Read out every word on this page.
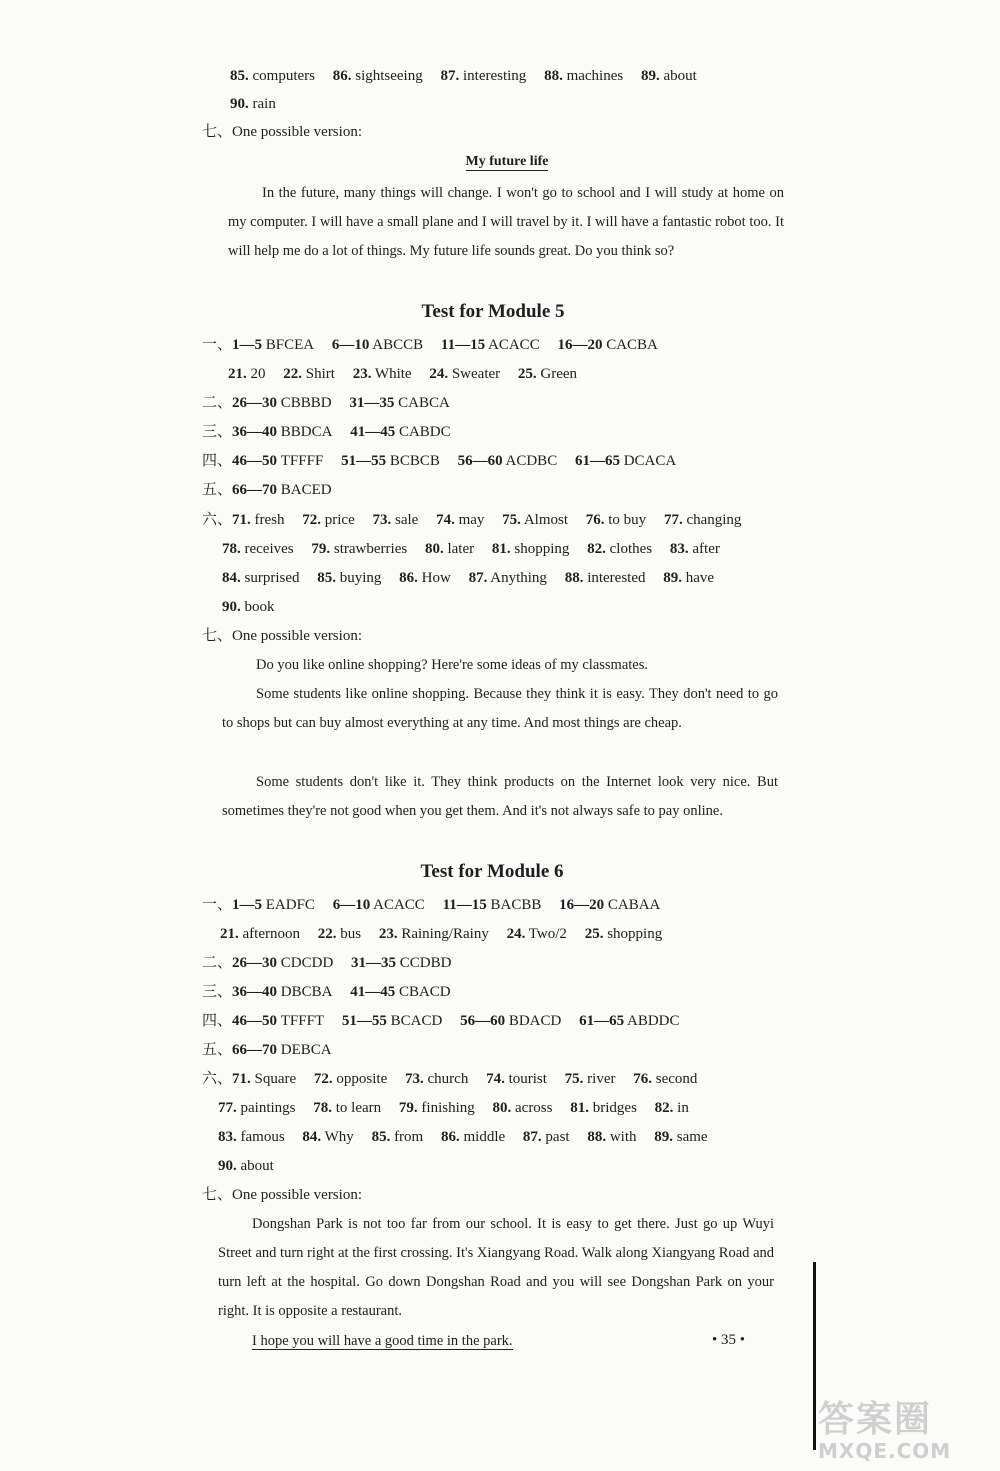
85. computers 86. sightseeing 87. interesting 88. machines 89. about
90. rain
七、One possible version:
My future life
In the future, many things will change. I won't go to school and I will study at home on my computer. I will have a small plane and I will travel by it. I will have a fantastic robot too. It will help me do a lot of things. My future life sounds great. Do you think so?
Test for Module 5
一、1—5 BFCEA 6—10 ABCCB 11—15 ACACC 16—20 CACBA
21. 20 22. Shirt 23. White 24. Sweater 25. Green
二、26—30 CBBBD 31—35 CABCA
三、36—40 BBDCA 41—45 CABDC
四、46—50 TFFFF 51—55 BCBCB 56—60 ACDBC 61—65 DCACA
五、66—70 BACED
六、71. fresh 72. price 73. sale 74. may 75. Almost 76. to buy 77. changing
78. receives 79. strawberries 80. later 81. shopping 82. clothes 83. after
84. surprised 85. buying 86. How 87. Anything 88. interested 89. have
90. book
七、One possible version:
Do you like online shopping? Here're some ideas of my classmates.
Some students like online shopping. Because they think it is easy. They don't need to go to shops but can buy almost everything at any time. And most things are cheap.
Some students don't like it. They think products on the Internet look very nice. But sometimes they're not good when you get them. And it's not always safe to pay online.
Test for Module 6
一、1—5 EADFC 6—10 ACACC 11—15 BACBB 16—20 CABAA
21. afternoon 22. bus 23. Raining/Rainy 24. Two/2 25. shopping
二、26—30 CDCDD 31—35 CCDBD
三、36—40 DBCBA 41—45 CBACD
四、46—50 TFFFT 51—55 BCACD 56—60 BDACD 61—65 ABDDC
五、66—70 DEBCA
六、71. Square 72. opposite 73. church 74. tourist 75. river 76. second
77. paintings 78. to learn 79. finishing 80. across 81. bridges 82. in
83. famous 84. Why 85. from 86. middle 87. past 88. with 89. same
90. about
七、One possible version:
Dongshan Park is not too far from our school. It is easy to get there. Just go up Wuyi Street and turn right at the first crossing. It's Xiangyang Road. Walk along Xiangyang Road and turn left at the hospital. Go down Dongshan Road and you will see Dongshan Park on your right. It is opposite a restaurant.
I hope you will have a good time in the park.	• 35 •
答案圈
MXQE.COM
